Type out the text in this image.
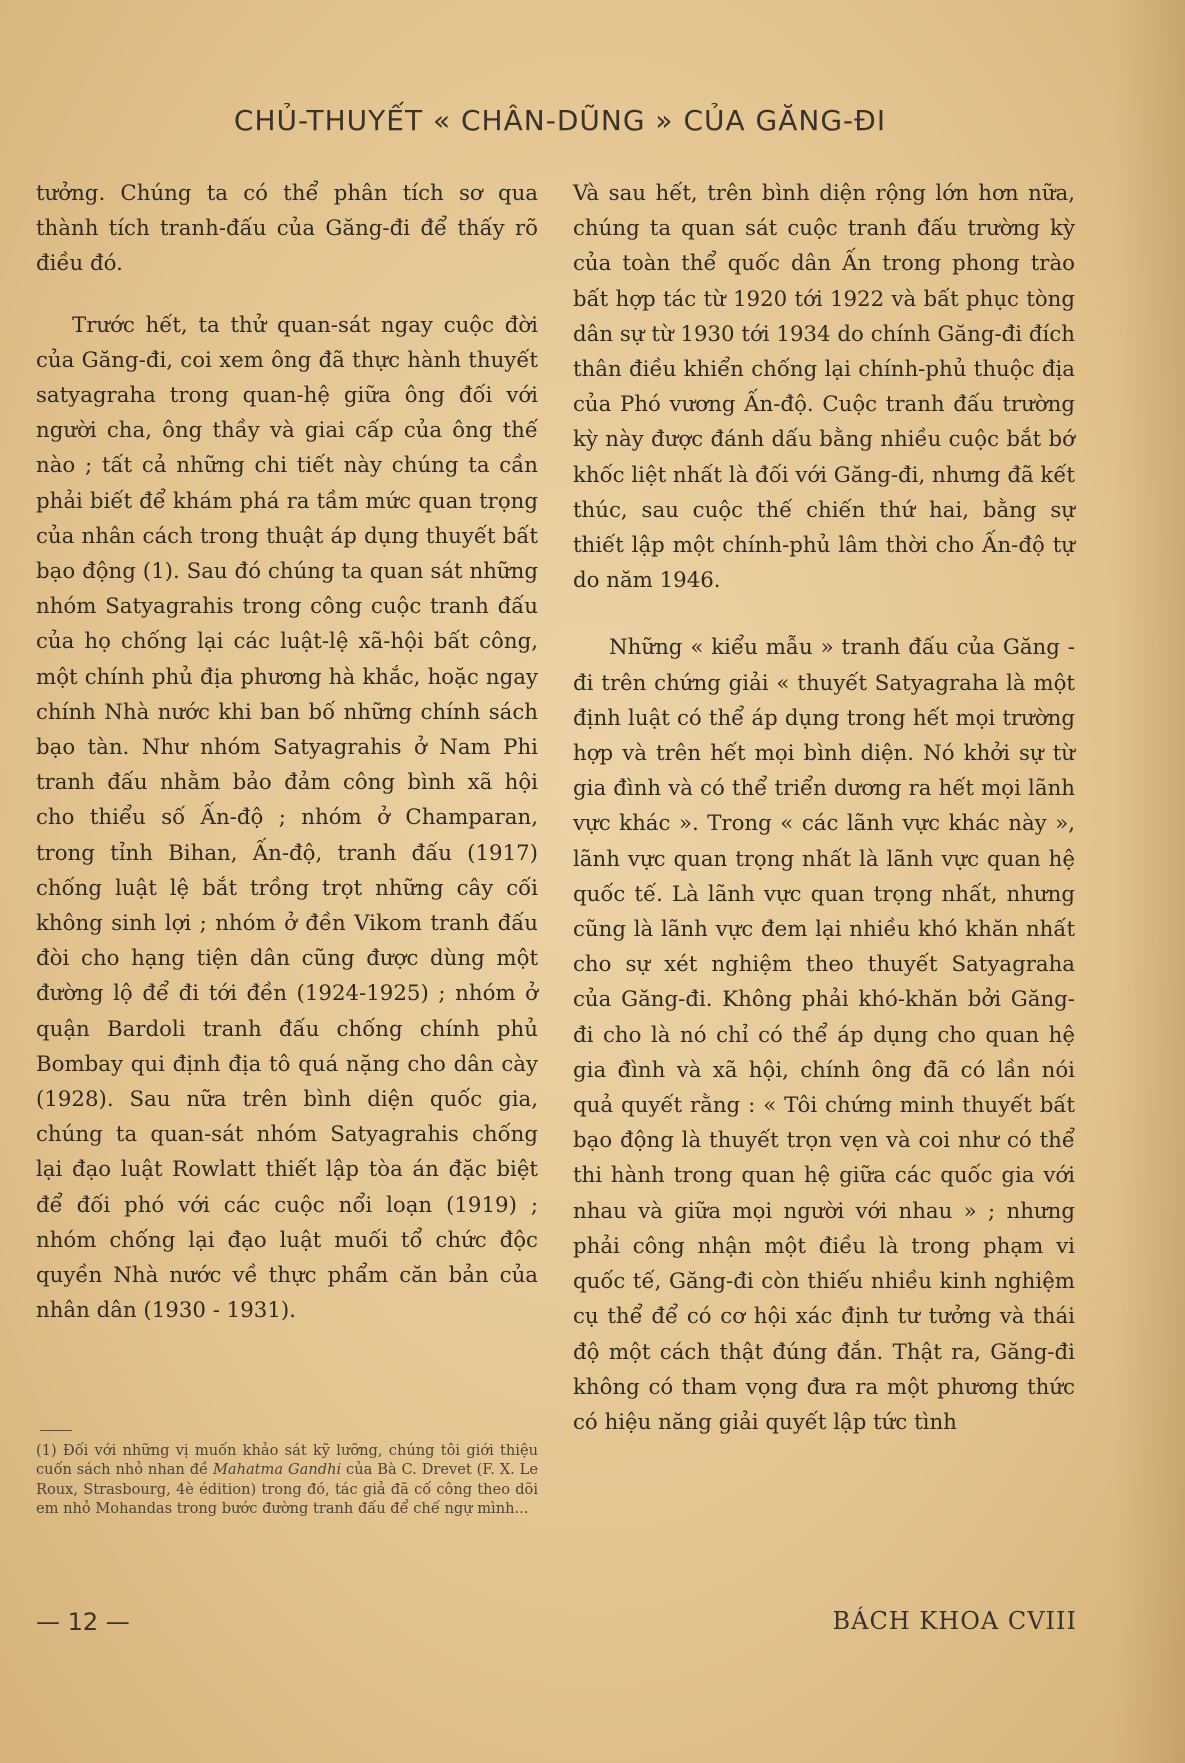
CHỦ-THUYẾT « CHÂN-DŨNG » CỦA GĂNG-ĐI

tưởng. Chúng ta có thể phân tích sơ qua thành tích tranh-đấu của Găng-đi để thấy rõ điều đó.

Trước hết, ta thử quan-sát ngay cuộc đời của Găng-đi, coi xem ông đã thực hành thuyết satyagraha trong quan-hệ giữa ông đối với người cha, ông thầy và giai cấp của ông thế nào ; tất cả những chi tiết này chúng ta cần phải biết để khám phá ra tầm mức quan trọng của nhân cách trong thuật áp dụng thuyết bất bạo động (1). Sau đó chúng ta quan sát những nhóm Satyagrahis trong công cuộc tranh đấu của họ chống lại các luật-lệ xã-hội bất công, một chính phủ địa phương hà khắc, hoặc ngay chính Nhà nước khi ban bố những chính sách bạo tàn. Như nhóm Satyagrahis ở Nam Phi tranh đấu nhằm bảo đảm công bình xã hội cho thiểu số Ấn-độ ; nhóm ở Champaran, trong tỉnh Bihan, Ấn-độ, tranh đấu (1917) chống luật lệ bắt trồng trọt những cây cối không sinh lợi ; nhóm ở đền Vikom tranh đấu đòi cho hạng tiện dân cũng được dùng một đường lộ để đi tới đền (1924-1925) ; nhóm ở quận Bardoli tranh đấu chống chính phủ Bombay qui định địa tô quá nặng cho dân cày (1928). Sau nữa trên bình diện quốc gia, chúng ta quan-sát nhóm Satyagrahis chống lại đạo luật Rowlatt thiết lập tòa án đặc biệt để đối phó với các cuộc nổi loạn (1919) ; nhóm chống lại đạo luật muối tổ chức độc quyền Nhà nước về thực phẩm căn bản của nhân dân (1930 - 1931).

Và sau hết, trên bình diện rộng lớn hơn nữa, chúng ta quan sát cuộc tranh đấu trường kỳ của toàn thể quốc dân Ấn trong phong trào bất hợp tác từ 1920 tới 1922 và bất phục tòng dân sự từ 1930 tới 1934 do chính Găng-đi đích thân điều khiển chống lại chính-phủ thuộc địa của Phó vương Ấn-độ. Cuộc tranh đấu trường kỳ này được đánh dấu bằng nhiều cuộc bắt bớ khốc liệt nhất là đối với Găng-đi, nhưng đã kết thúc, sau cuộc thế chiến thứ hai, bằng sự thiết lập một chính-phủ lâm thời cho Ấn-độ tự do năm 1946.

Những « kiểu mẫu » tranh đấu của Găng - đi trên chứng giải « thuyết Satyagraha là một định luật có thể áp dụng trong hết mọi trường hợp và trên hết mọi bình diện. Nó khởi sự từ gia đình và có thể triển dương ra hết mọi lãnh vực khác ». Trong « các lãnh vực khác này », lãnh vực quan trọng nhất là lãnh vực quan hệ quốc tế. Là lãnh vực quan trọng nhất, nhưng cũng là lãnh vực đem lại nhiều khó khăn nhất cho sự xét nghiệm theo thuyết Satyagraha của Găng-đi. Không phải khó-khăn bởi Găng-đi cho là nó chỉ có thể áp dụng cho quan hệ gia đình và xã hội, chính ông đã có lần nói quả quyết rằng : « Tôi chứng minh thuyết bất bạo động là thuyết trọn vẹn và coi như có thể thi hành trong quan hệ giữa các quốc gia với nhau và giữa mọi người với nhau » ; nhưng phải công nhận một điều là trong phạm vi quốc tế, Găng-đi còn thiếu nhiều kinh nghiệm cụ thể để có cơ hội xác định tư tưởng và thái độ một cách thật đúng đắn. Thật ra, Găng-đi không có tham vọng đưa ra một phương thức có hiệu năng giải quyết lập tức tình

(1) Đối với những vị muốn khảo sát kỹ lưỡng, chúng tôi giới thiệu cuốn sách nhỏ nhan đề Mahatma Gandhi của Bà C. Drevet (F. X. Le Roux, Strasbourg, 4è édition) trong đó, tác giả đã cố công theo dõi em nhỏ Mohandas trong bước đường tranh đấu để chế ngự mình...
— 12 —	BÁCH KHOA CVIII
